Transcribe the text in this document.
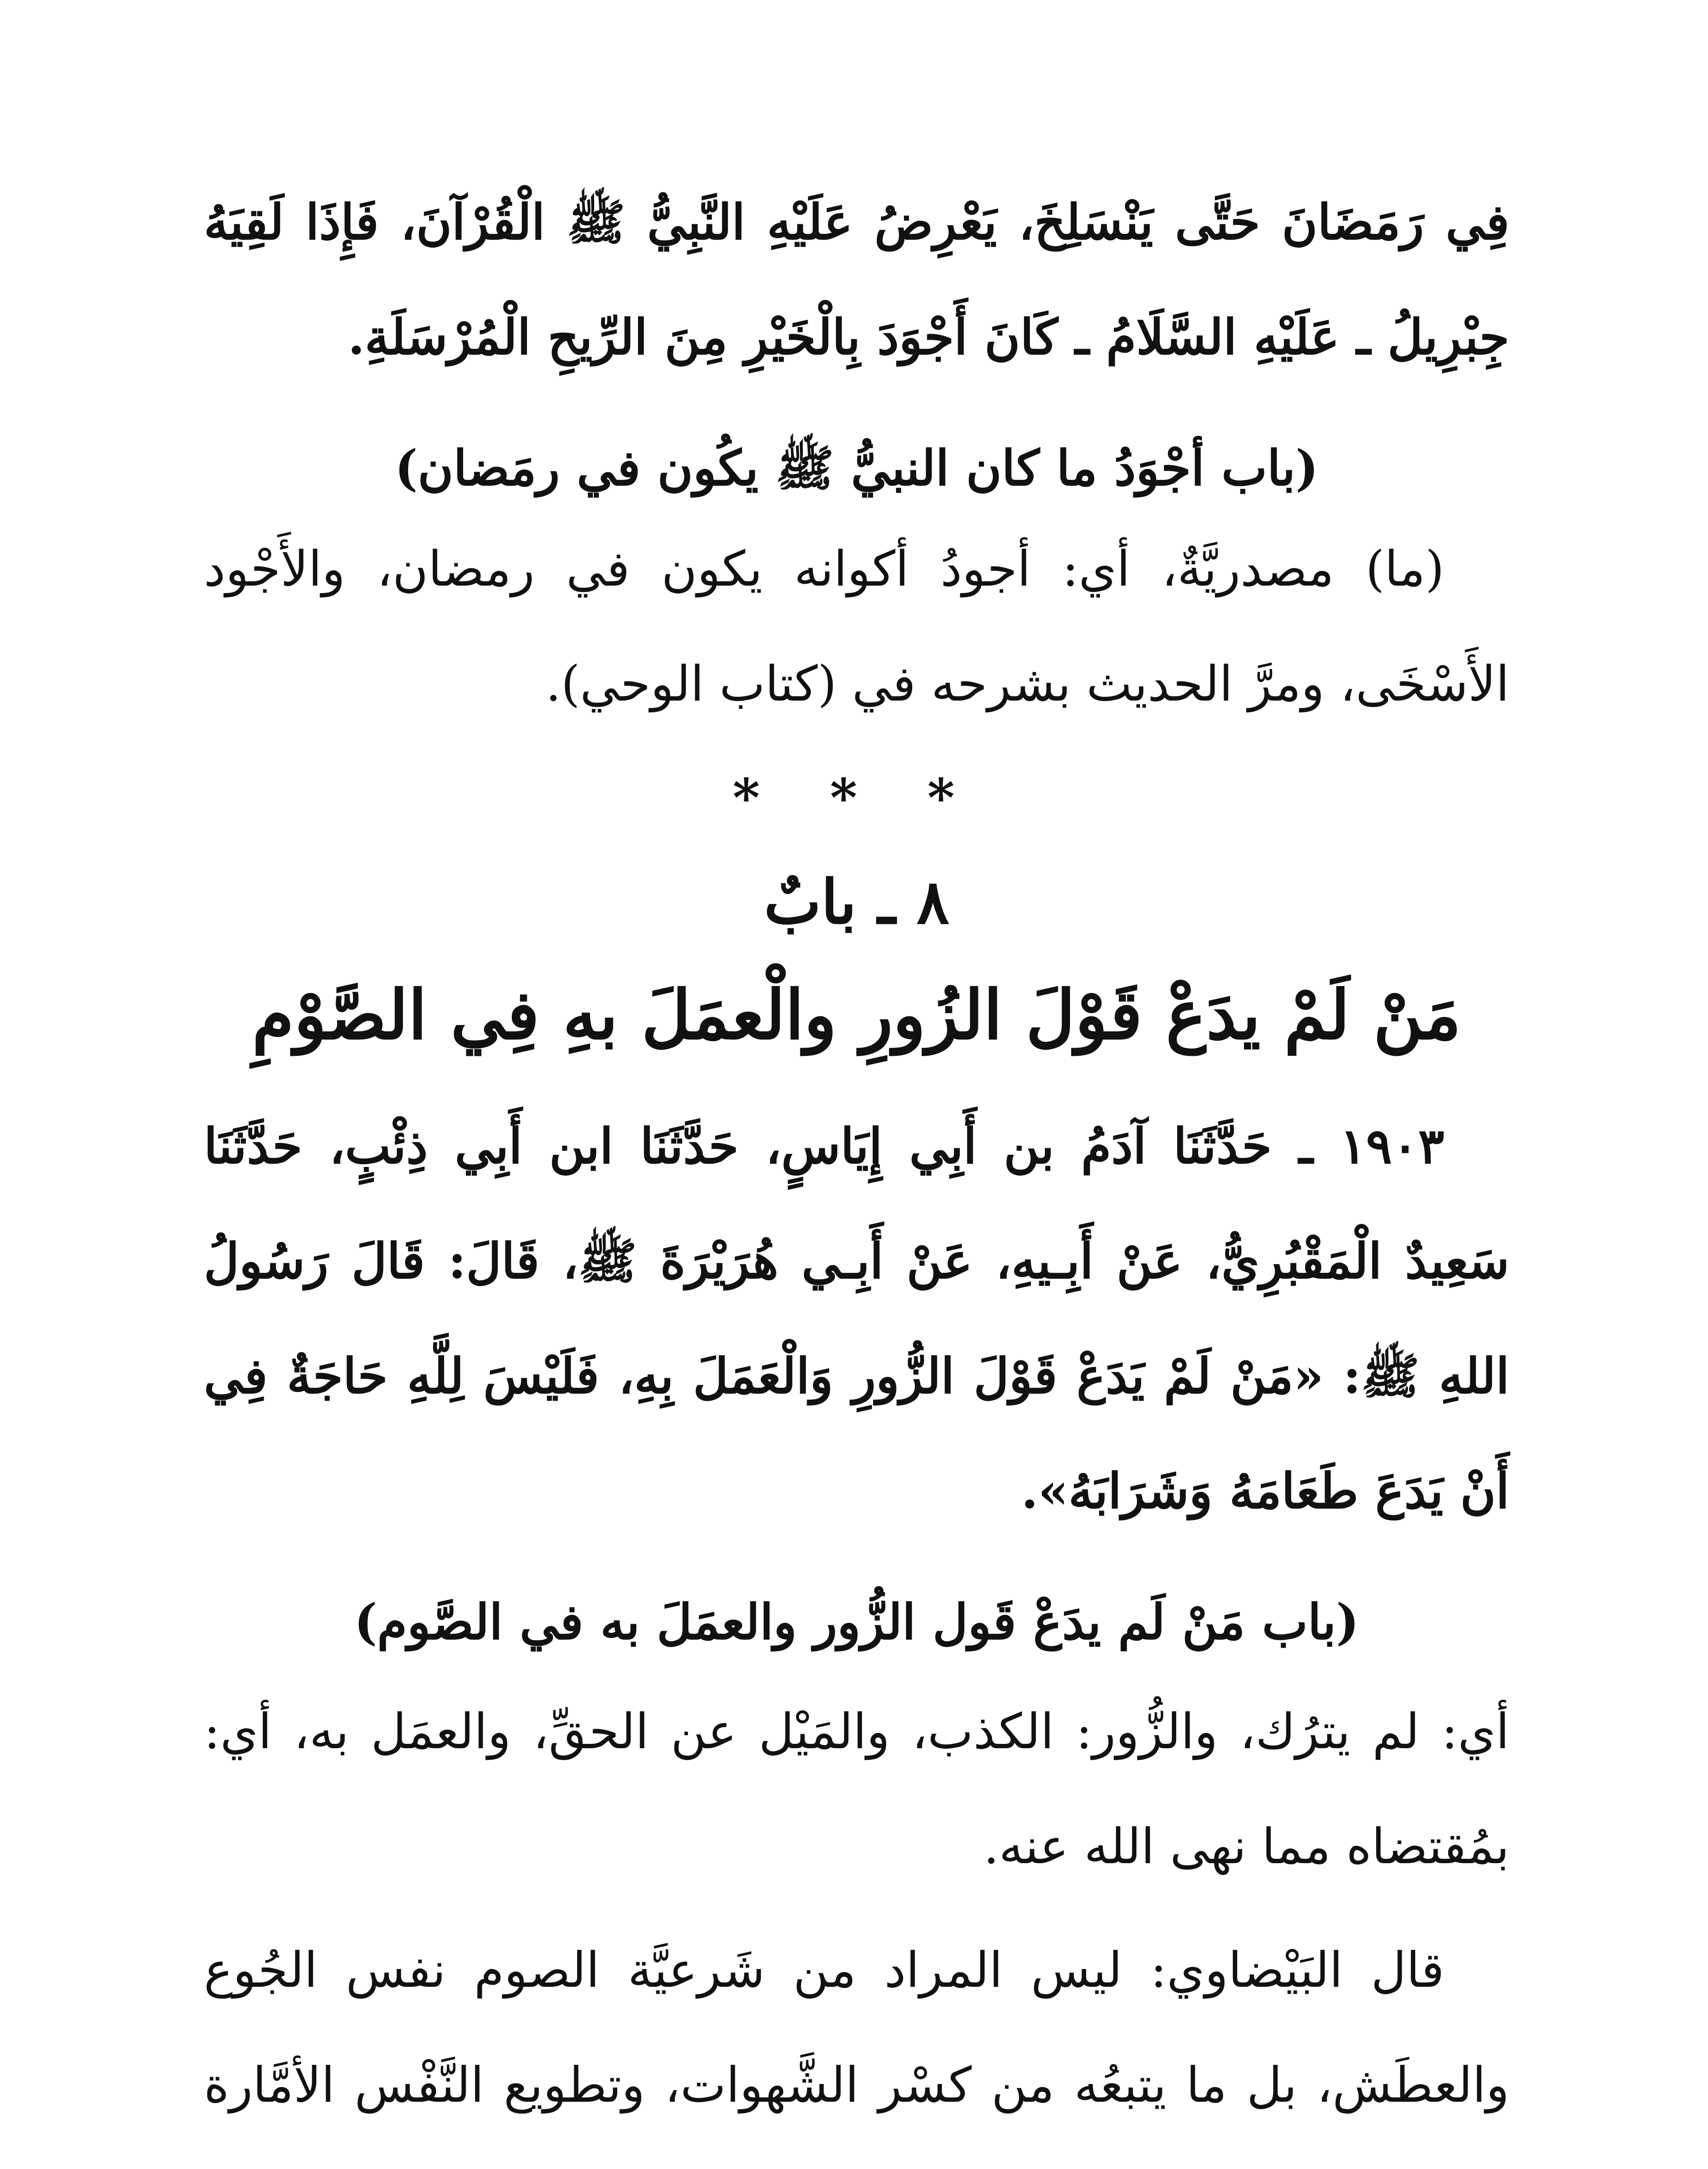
فِي رَمَضَانَ حَتَّى يَنْسَلِخَ، يَعْرِضُ عَلَيْهِ النَّبِيُّ ﷺ الْقُرْآنَ، فَإِذَا لَقِيَهُ جِبْرِيلُ ـ عَلَيْهِ السَّلَامُ ـ كَانَ أَجْوَدَ بِالْخَيْرِ مِنَ الرِّيحِ الْمُرْسَلَةِ.

(باب أجْوَدُ ما كان النبيُّ ﷺ يكُون في رمَضان)

(ما) مصدريَّةٌ، أي: أجودُ أكوانه يكون في رمضان، والأَجْود الأَسْخَى، ومرَّ الحديث بشرحه في (كتاب الوحي).

* * *

٨ ـ بابٌ

مَنْ لَمْ يدَعْ قَوْلَ الزُورِ والْعمَلَ بهِ فِي الصَّوْمِ

١٩٠٣ ـ حَدَّثَنَا آدَمُ بن أَبِي إِيَاسٍ، حَدَّثَنَا ابن أَبِي ذِئْبٍ، حَدَّثَنَا سَعِيدٌ الْمَقْبُرِيُّ، عَنْ أَبِـيهِ، عَنْ أَبِـي هُرَيْرَةَ ﷺ، قَالَ: قَالَ رَسُولُ اللهِ ﷺ: «مَنْ لَمْ يَدَعْ قَوْلَ الزُّورِ وَالْعَمَلَ بِهِ، فَلَيْسَ لِلَّهِ حَاجَةٌ فِي أَنْ يَدَعَ طَعَامَهُ وَشَرَابَهُ».

(باب مَنْ لَم يدَعْ قَول الزُّور والعمَلَ به في الصَّوم)

أي: لم يترُك، والزُّور: الكذب، والمَيْل عن الحقِّ، والعمَل به، أي: بمُقتضاه مما نهى الله عنه.

قال البَيْضاوي: ليس المراد من شَرعيَّة الصوم نفس الجُوع والعطَش، بل ما يتبعُه من كسْر الشَّهوات، وتطويع النَّفْس الأمَّارة
